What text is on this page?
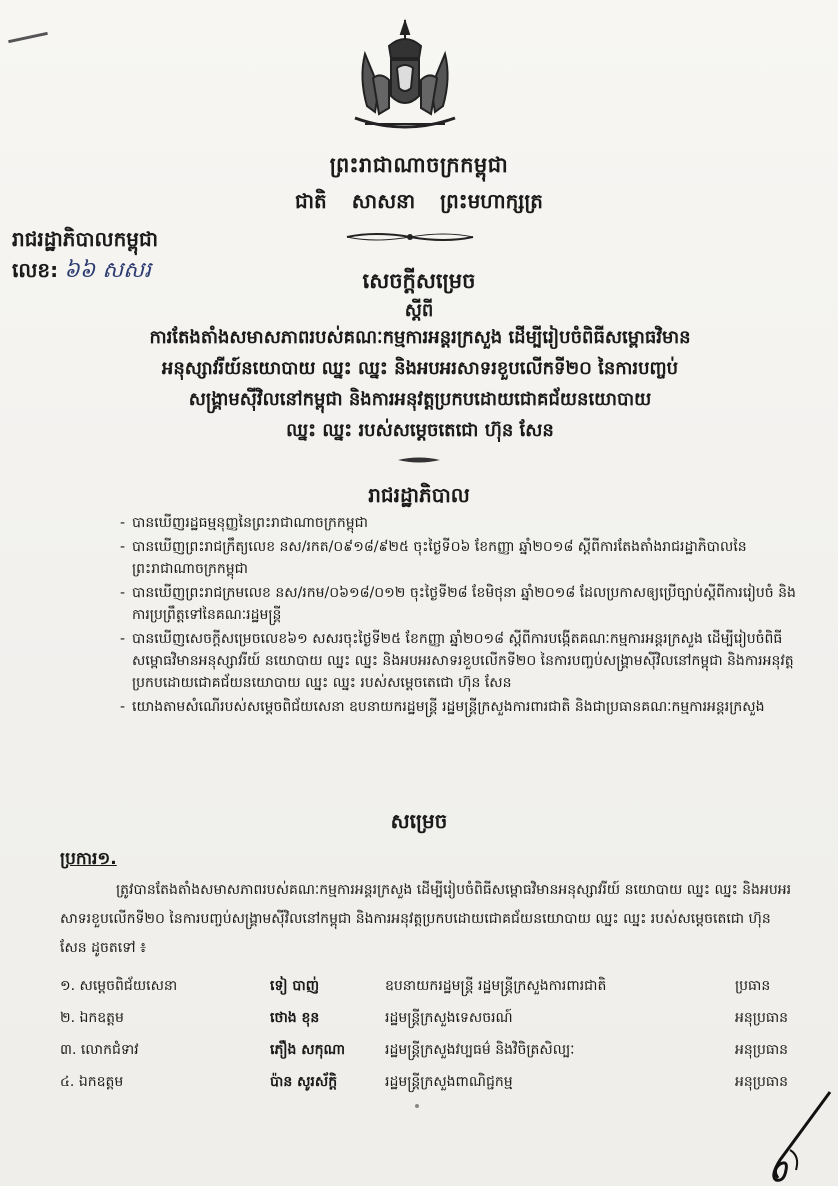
ព្រះរាជាណាចក្រកម្ពុជា
ជាតិ សាសនា ព្រះមហាក្សត្រ
រាជរដ្ឋាភិបាលកម្ពុជា
លេខ: ៦៦ សសរ	សេចក្ដីសម្រេច
ស្ដីពី
ការតែងតាំងសមាសភាពរបស់គណៈកម្មការអន្តរក្រសួង ដើម្បីរៀបចំពិធីសម្ពោធវិមាន
អនុស្សាវរីយ៍នយោបាយ ឈ្នះ ឈ្នះ និងអបអរសាទរខួបលើកទី២០ នៃការបញ្ចប់
សង្គ្រាមស៊ីវិលនៅកម្ពុជា និងការអនុវត្តប្រកបដោយជោគជ័យនយោបាយ
ឈ្នះ ឈ្នះ របស់សម្ដេចតេជោ ហ៊ុន សែន
រាជរដ្ឋាភិបាល
- បានឃើញរដ្ឋធម្មនុញ្ញនៃព្រះរាជាណាចក្រកម្ពុជា
- បានឃើញព្រះរាជក្រឹត្យលេខ នស/រកត/០៩១៨/៩២៥ ចុះថ្ងៃទី០៦ ខែកញ្ញា ឆ្នាំ២០១៨ ស្ដីពីការតែងតាំងរាជរដ្ឋាភិបាលនៃព្រះរាជាណាចក្រកម្ពុជា
- បានឃើញព្រះរាជក្រមលេខ នស/រកម/០៦១៨/០១២ ចុះថ្ងៃទី២៨ ខែមិថុនា ឆ្នាំ២០១៨ ដែលប្រកាសឲ្យប្រើច្បាប់ស្ដីពីការរៀបចំ និងការប្រព្រឹត្តទៅនៃគណៈរដ្ឋមន្ត្រី
- បានឃើញសេចក្ដីសម្រេចលេខ៦១ សសរចុះថ្ងៃទី២៥ ខែកញ្ញា ឆ្នាំ២០១៨ ស្ដីពីការបង្កើតគណៈកម្មការអន្តរក្រសួង ដើម្បីរៀបចំពិធីសម្ពោធវិមានអនុស្សាវរីយ៍ នយោបាយ ឈ្នះ ឈ្នះ និងអបអរសាទរខួបលើកទី២០ នៃការបញ្ចប់សង្គ្រាមស៊ីវិលនៅកម្ពុជា និងការអនុវត្តប្រកបដោយជោគជ័យនយោបាយ ឈ្នះ ឈ្នះ របស់សម្ដេចតេជោ ហ៊ុន សែន
- យោងតាមសំណើរបស់សម្ដេចពិជ័យសេនា ឧបនាយករដ្ឋមន្ត្រី រដ្ឋមន្ត្រីក្រសួងការពារជាតិ និងជាប្រធានគណៈកម្មការអន្តរក្រសួង
សម្រេច
ប្រការ១.
ត្រូវបានតែងតាំងសមាសភាពរបស់គណៈកម្មការអន្តរក្រសួង ដើម្បីរៀបចំពិធីសម្ពោធវិមានអនុស្សាវរីយ៍ នយោបាយ ឈ្នះ ឈ្នះ និងអបអរសាទរខួបលើកទី២០ នៃការបញ្ចប់សង្គ្រាមស៊ីវិលនៅកម្ពុជា និងការអនុវត្តប្រកបដោយជោគជ័យនយោបាយ ឈ្នះ ឈ្នះ របស់សម្ដេចតេជោ ហ៊ុន សែន ដូចតទៅ ៖
១. សម្ដេចពិជ័យសេនា	ទៀ បាញ់	ឧបនាយករដ្ឋមន្ត្រី រដ្ឋមន្ត្រីក្រសួងការពារជាតិ	ប្រធាន
២. ឯកឧត្តម	ថោង ខុន	រដ្ឋមន្ត្រីក្រសួងទេសចរណ៍	អនុប្រធាន
៣. លោកជំទាវ	ភឿង សកុណា	រដ្ឋមន្ត្រីក្រសួងវប្បធម៌ និងវិចិត្រសិល្បៈ	អនុប្រធាន
៤. ឯកឧត្តម	ប៉ាន សូរស័ក្តិ	រដ្ឋមន្ត្រីក្រសួងពាណិជ្ជកម្ម	អនុប្រធាន
